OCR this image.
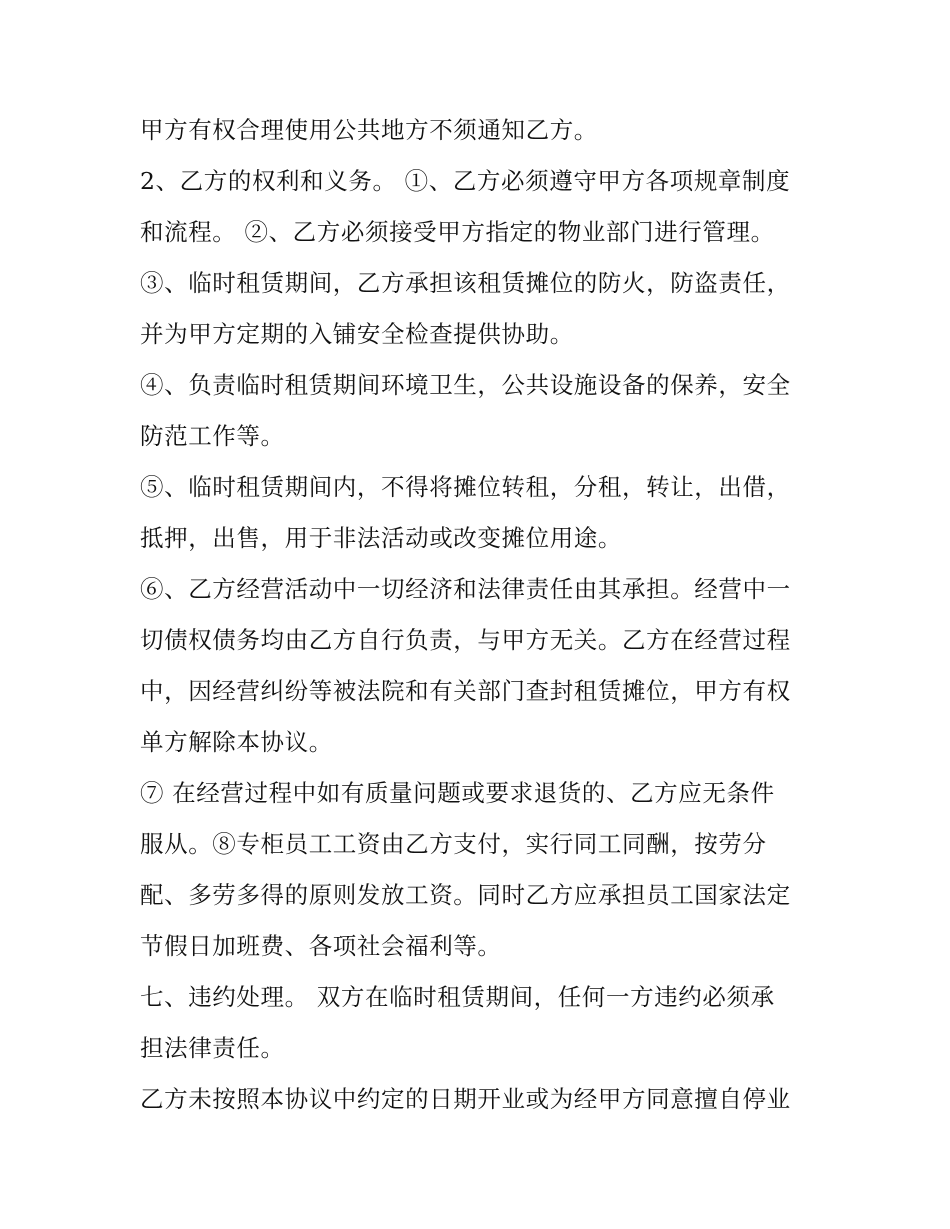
甲方有权合理使用公共地方不须通知乙方。
2、乙方的权利和义务。 ①、乙方必须遵守甲方各项规章制度
和流程。 ②、乙方必须接受甲方指定的物业部门进行管理。
③、临时租赁期间，乙方承担该租赁摊位的防火，防盗责任，
并为甲方定期的入铺安全检查提供协助。
④、负责临时租赁期间环境卫生，公共设施设备的保养，安全
防范工作等。
⑤、临时租赁期间内，不得将摊位转租，分租，转让，出借，
抵押，出售，用于非法活动或改变摊位用途。
⑥、乙方经营活动中一切经济和法律责任由其承担。经营中一
切债权债务均由乙方自行负责，与甲方无关。乙方在经营过程
中，因经营纠纷等被法院和有关部门查封租赁摊位，甲方有权
单方解除本协议。
⑦ 在经营过程中如有质量问题或要求退货的、乙方应无条件
服从。⑧专柜员工工资由乙方支付，实行同工同酬，按劳分
配、多劳多得的原则发放工资。同时乙方应承担员工国家法定
节假日加班费、各项社会福利等。
七、违约处理。 双方在临时租赁期间，任何一方违约必须承
担法律责任。
乙方未按照本协议中约定的日期开业或为经甲方同意擅自停业
